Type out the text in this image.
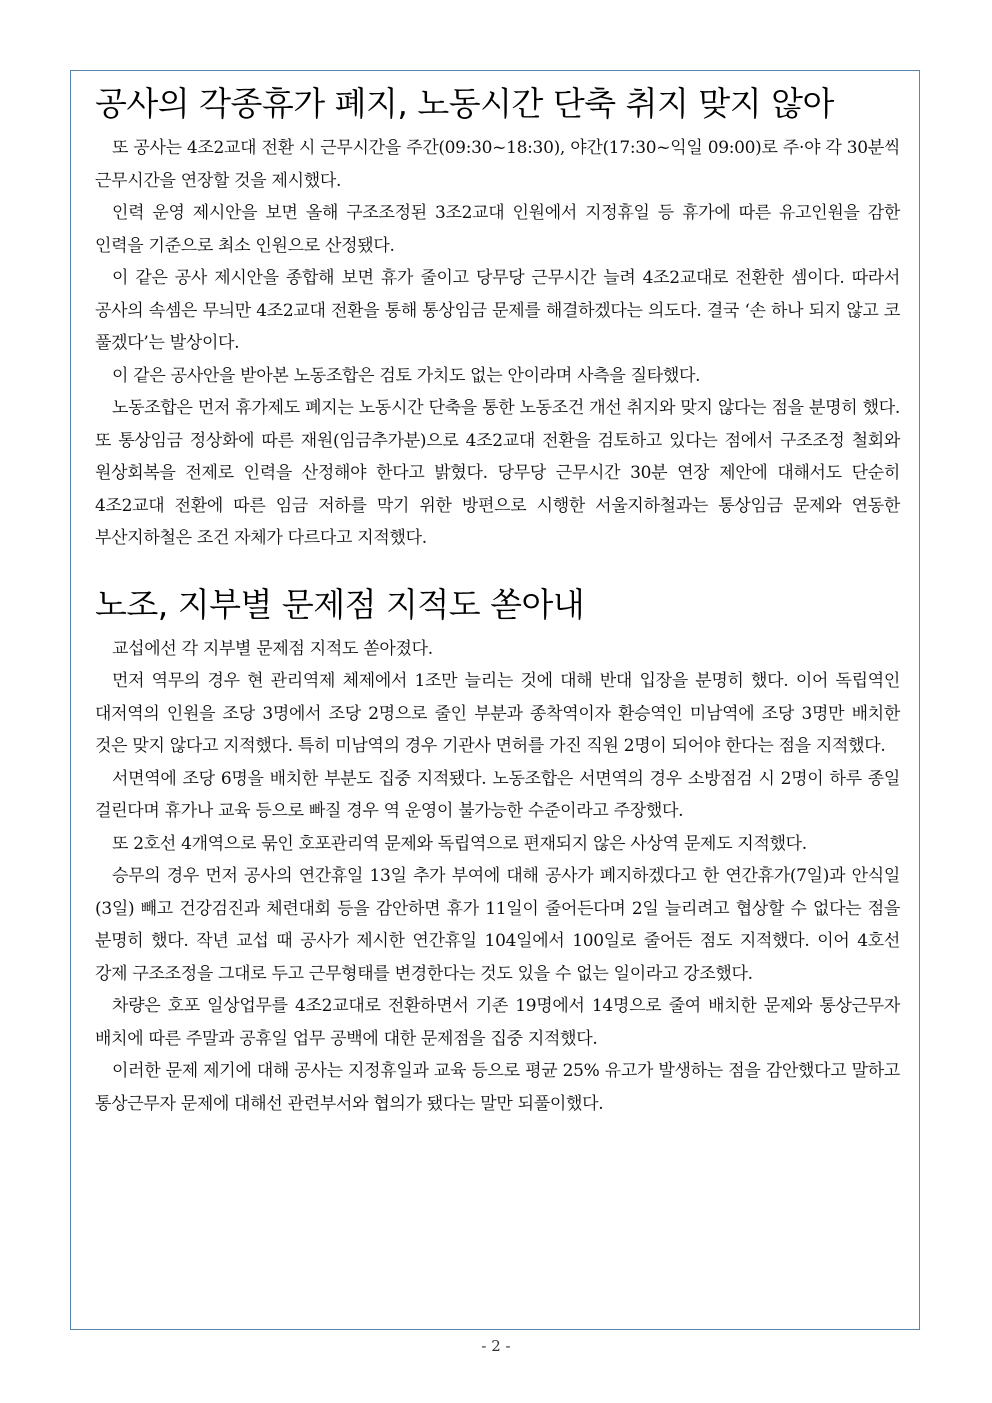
공사의 각종휴가 폐지, 노동시간 단축 취지 맞지 않아

또 공사는 4조2교대 전환 시 근무시간을 주간(09:30~18:30), 야간(17:30~익일 09:00)로 주·야 각 30분씩 근무시간을 연장할 것을 제시했다.

인력 운영 제시안을 보면 올해 구조조정된 3조2교대 인원에서 지정휴일 등 휴가에 따른 유고인원을 감한 인력을 기준으로 최소 인원으로 산정됐다.

이 같은 공사 제시안을 종합해 보면 휴가 줄이고 당무당 근무시간 늘려 4조2교대로 전환한 셈이다. 따라서 공사의 속셈은 무늬만 4조2교대 전환을 통해 통상임금 문제를 해결하겠다는 의도다. 결국 ‘손 하나 되지 않고 코 풀겠다’는 발상이다.

이 같은 공사안을 받아본 노동조합은 검토 가치도 없는 안이라며 사측을 질타했다.

노동조합은 먼저 휴가제도 폐지는 노동시간 단축을 통한 노동조건 개선 취지와 맞지 않다는 점을 분명히 했다. 또 통상임금 정상화에 따른 재원(임금추가분)으로 4조2교대 전환을 검토하고 있다는 점에서 구조조정 철회와 원상회복을 전제로 인력을 산정해야 한다고 밝혔다. 당무당 근무시간 30분 연장 제안에 대해서도 단순히 4조2교대 전환에 따른 임금 저하를 막기 위한 방편으로 시행한 서울지하철과는 통상임금 문제와 연동한 부산지하철은 조건 자체가 다르다고 지적했다.

노조, 지부별 문제점 지적도 쏟아내

교섭에선 각 지부별 문제점 지적도 쏟아졌다.

먼저 역무의 경우 현 관리역제 체제에서 1조만 늘리는 것에 대해 반대 입장을 분명히 했다. 이어 독립역인 대저역의 인원을 조당 3명에서 조당 2명으로 줄인 부분과 종착역이자 환승역인 미남역에 조당 3명만 배치한 것은 맞지 않다고 지적했다. 특히 미남역의 경우 기관사 면허를 가진 직원 2명이 되어야 한다는 점을 지적했다.

서면역에 조당 6명을 배치한 부분도 집중 지적됐다. 노동조합은 서면역의 경우 소방점검 시 2명이 하루 종일 걸린다며 휴가나 교육 등으로 빠질 경우 역 운영이 불가능한 수준이라고 주장했다.

또 2호선 4개역으로 묶인 호포관리역 문제와 독립역으로 편재되지 않은 사상역 문제도 지적했다.

승무의 경우 먼저 공사의 연간휴일 13일 추가 부여에 대해 공사가 폐지하겠다고 한 연간휴가(7일)과 안식일(3일) 빼고 건강검진과 체련대회 등을 감안하면 휴가 11일이 줄어든다며 2일 늘리려고 협상할 수 없다는 점을 분명히 했다. 작년 교섭 때 공사가 제시한 연간휴일 104일에서 100일로 줄어든 점도 지적했다. 이어 4호선 강제 구조조정을 그대로 두고 근무형태를 변경한다는 것도 있을 수 없는 일이라고 강조했다.

차량은 호포 일상업무를 4조2교대로 전환하면서 기존 19명에서 14명으로 줄여 배치한 문제와 통상근무자 배치에 따른 주말과 공휴일 업무 공백에 대한 문제점을 집중 지적했다.

이러한 문제 제기에 대해 공사는 지정휴일과 교육 등으로 평균 25% 유고가 발생하는 점을 감안했다고 말하고 통상근무자 문제에 대해선 관련부서와 협의가 됐다는 말만 되풀이했다.

- 2 -
